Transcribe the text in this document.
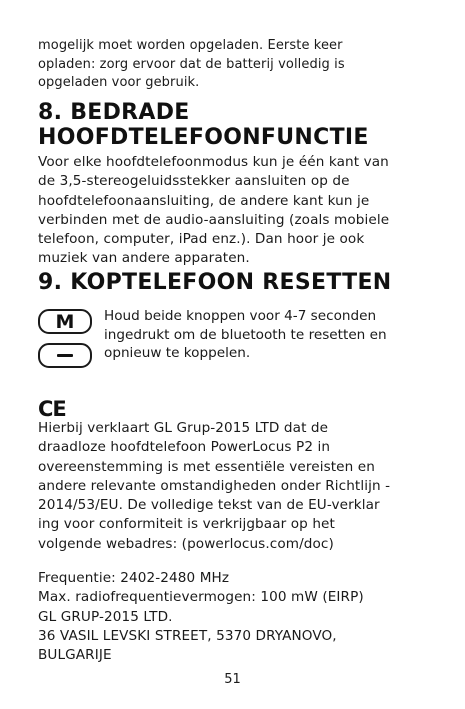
mogelijk moet worden opgeladen. Eerste keer
opladen: zorg ervoor dat de batterij volledig is
opgeladen voor gebruik.
8. BEDRADE
HOOFDTELEFOONFUNCTIE
Voor elke hoofdtelefoonmodus kun je één kant van
de 3,5-stereogeluidsstekker aansluiten op de
hoofdtelefoonaansluiting, de andere kant kun je
verbinden met de audio-aansluiting (zoals mobiele
telefoon, computer, iPad enz.). Dan hoor je ook
muziek van andere apparaten.
9. KOPTELEFOON RESETTEN
M Houd beide knoppen voor 4-7 seconden
ingedrukt om de bluetooth te resetten en
opnieuw te koppelen.
CE
Hierbij verklaart GL Grup-2015 LTD dat de
draadloze hoofdtelefoon PowerLocus P2 in
overeenstemming is met essentiële vereisten en
andere relevante omstandigheden onder Richtlijn -
2014/53/EU. De volledige tekst van de EU-verklar
ing voor conformiteit is verkrijgbaar op het
volgende webadres: (powerlocus.com/doc)
Frequentie: 2402-2480 MHz
Max. radiofrequentievermogen: 100 mW (EIRP)
GL GRUP-2015 LTD.
36 VASIL LEVSKI STREET, 5370 DRYANOVO,
BULGARIJE
51
